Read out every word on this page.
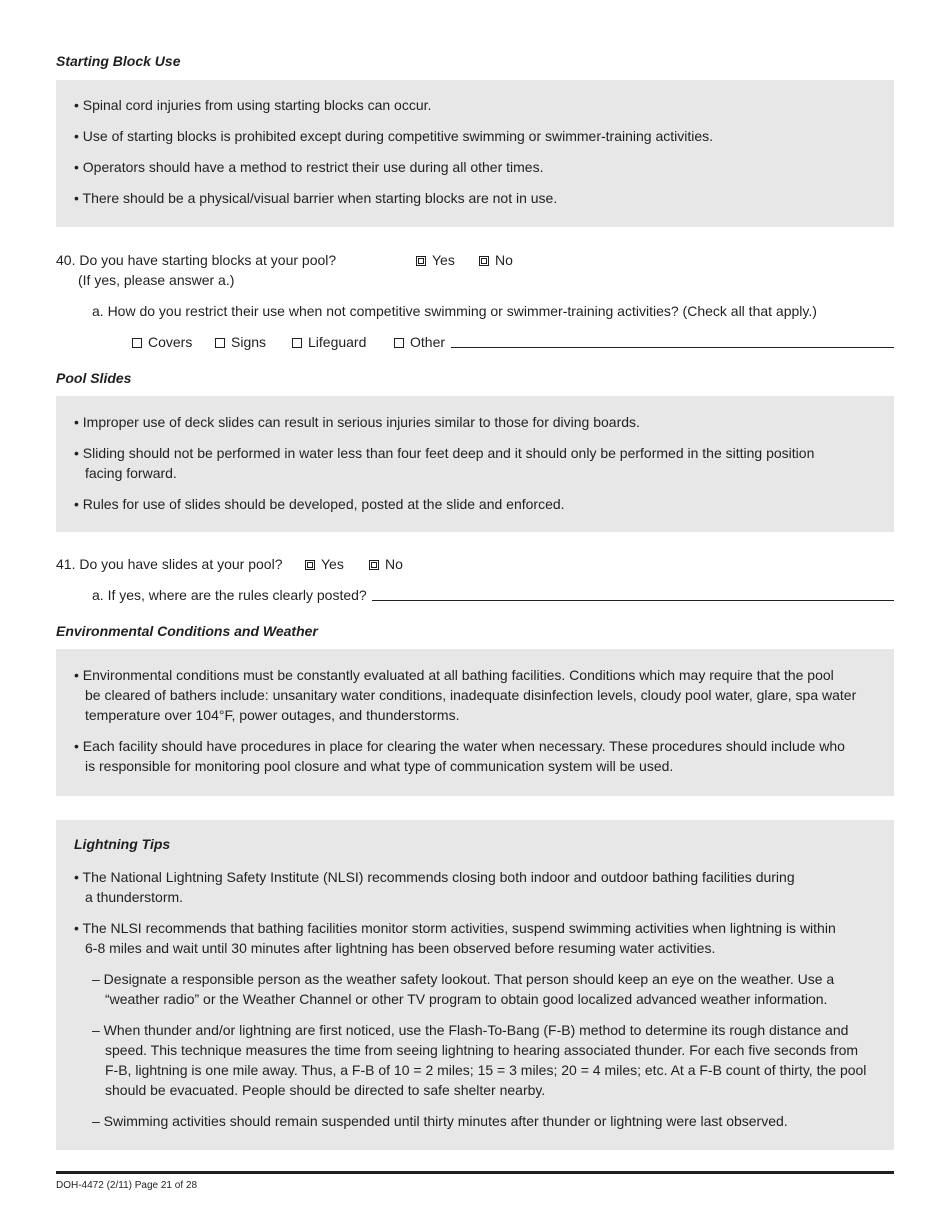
Starting Block Use
• Spinal cord injuries from using starting blocks can occur.
• Use of starting blocks is prohibited except during competitive swimming or swimmer-training activities.
• Operators should have a method to restrict their use during all other times.
• There should be a physical/visual barrier when starting blocks are not in use.
40. Do you have starting blocks at your pool?	Yes	No
(If yes, please answer a.)
a. How do you restrict their use when not competitive swimming or swimmer-training activities? (Check all that apply.)
Covers	Signs	Lifeguard	Other
Pool Slides
• Improper use of deck slides can result in serious injuries similar to those for diving boards.
• Sliding should not be performed in water less than four feet deep and it should only be performed in the sitting position
facing forward.
• Rules for use of slides should be developed, posted at the slide and enforced.
41. Do you have slides at your pool?	Yes	No
a. If yes, where are the rules clearly posted?
Environmental Conditions and Weather
• Environmental conditions must be constantly evaluated at all bathing facilities. Conditions which may require that the pool
be cleared of bathers include: unsanitary water conditions, inadequate disinfection levels, cloudy pool water, glare, spa water
temperature over 104°F, power outages, and thunderstorms.
• Each facility should have procedures in place for clearing the water when necessary. These procedures should include who
is responsible for monitoring pool closure and what type of communication system will be used.
Lightning Tips
• The National Lightning Safety Institute (NLSI) recommends closing both indoor and outdoor bathing facilities during
a thunderstorm.
• The NLSI recommends that bathing facilities monitor storm activities, suspend swimming activities when lightning is within
6-8 miles and wait until 30 minutes after lightning has been observed before resuming water activities.
– Designate a responsible person as the weather safety lookout. That person should keep an eye on the weather. Use a
“weather radio” or the Weather Channel or other TV program to obtain good localized advanced weather information.
– When thunder and/or lightning are first noticed, use the Flash-To-Bang (F-B) method to determine its rough distance and
speed. This technique measures the time from seeing lightning to hearing associated thunder. For each five seconds from
F-B, lightning is one mile away. Thus, a F-B of 10 = 2 miles; 15 = 3 miles; 20 = 4 miles; etc. At a F-B count of thirty, the pool
should be evacuated. People should be directed to safe shelter nearby.
– Swimming activities should remain suspended until thirty minutes after thunder or lightning were last observed.
DOH-4472 (2/11) Page 21 of 28
